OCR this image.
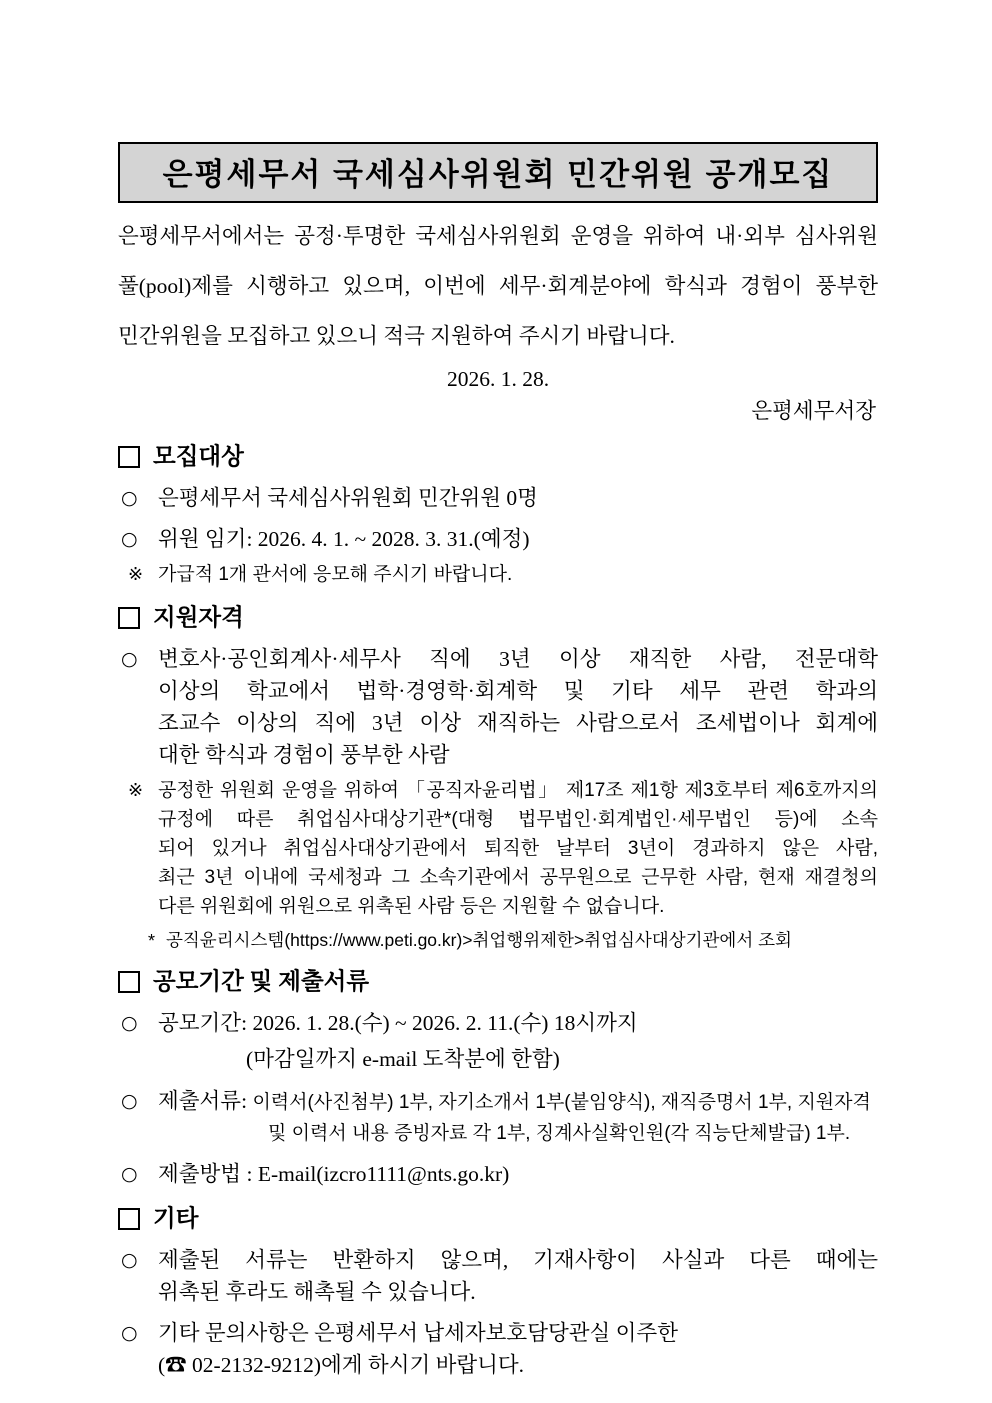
은평세무서 국세심사위원회 민간위원 공개모집
은평세무서에서는 공정·투명한 국세심사위원회 운영을 위하여 내·외부 심사위원
풀(pool)제를 시행하고 있으며, 이번에 세무·회계분야에 학식과 경험이 풍부한
민간위원을 모집하고 있으니 적극 지원하여 주시기 바랍니다.
2026. 1. 28.
은평세무서장
모집대상
○ 은평세무서 국세심사위원회 민간위원 0명
○ 위원 임기: 2026. 4. 1. ~ 2028. 3. 31.(예정)
※ 가급적 1개 관서에 응모해 주시기 바랍니다.
지원자격
○ 변호사·공인회계사·세무사 직에 3년 이상 재직한 사람, 전문대학
이상의 학교에서 법학·경영학·회계학 및 기타 세무 관련 학과의
조교수 이상의 직에 3년 이상 재직하는 사람으로서 조세법이나 회계에
대한 학식과 경험이 풍부한 사람
※ 공정한 위원회 운영을 위하여 「공직자윤리법」 제17조 제1항 제3호부터 제6호까지의
규정에 따른 취업심사대상기관*(대형 법무법인·회계법인·세무법인 등)에 소속
되어 있거나 취업심사대상기관에서 퇴직한 날부터 3년이 경과하지 않은 사람,
최근 3년 이내에 국세청과 그 소속기관에서 공무원으로 근무한 사람, 현재 재결청의
다른 위원회에 위원으로 위촉된 사람 등은 지원할 수 없습니다.
* 공직윤리시스템(https://www.peti.go.kr)>취업행위제한>취업심사대상기관에서 조회
공모기간 및 제출서류
○ 공모기간: 2026. 1. 28.(수) ~ 2026. 2. 11.(수) 18시까지
(마감일까지 e-mail 도착분에 한함)
○ 제출서류: 이력서(사진첨부) 1부, 자기소개서 1부(붙임양식), 재직증명서 1부, 지원자격
및 이력서 내용 증빙자료 각 1부, 징계사실확인원(각 직능단체발급) 1부.
○ 제출방법 : E-mail(izcro1111@nts.go.kr)
기타
○ 제출된 서류는 반환하지 않으며, 기재사항이 사실과 다른 때에는
위촉된 후라도 해촉될 수 있습니다.
○ 기타 문의사항은 은평세무서 납세자보호담당관실 이주한
(☎ 02-2132-9212)에게 하시기 바랍니다.
